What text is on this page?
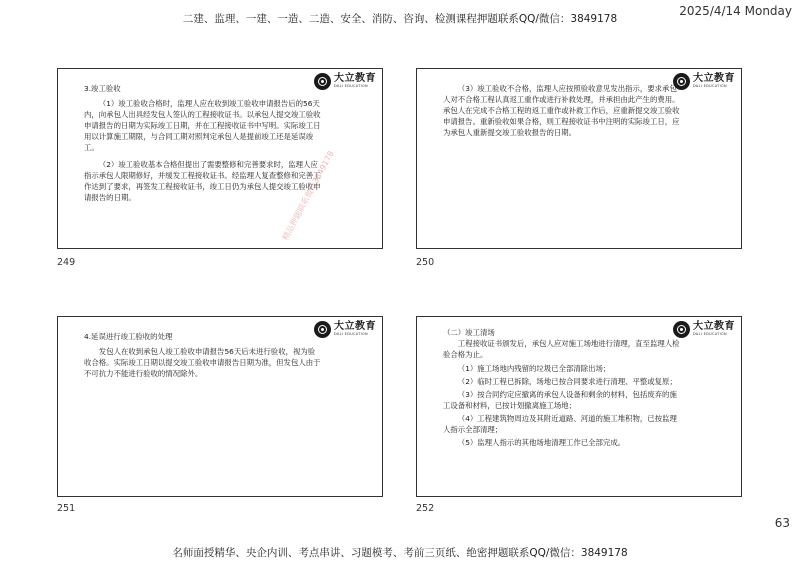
二建、监理、一建、一造、二造、安全、消防、咨询、检测课程押题联系QQ/微信：3849178
2025/4/14 Monday
大立教育
DALI EDUCATION

3.竣工验收

（1）竣工验收合格时，监理人应在收到竣工验收申请报告后的56天内，向承包人出具经发包人签认的工程接收证书。以承包人提交竣工验收申请报告的日期为实际竣工日期，并在工程接收证书中写明。实际竣工日用以计算施工期限，与合同工期对照判定承包人是提前竣工还是延误竣工。

（2）竣工验收基本合格但提出了需要整修和完善要求时，监理人应指示承包人限期修好，并缓发工程接收证书。经监理人复查整修和完善工作达到了要求，再签发工程接收证书，竣工日仍为承包人提交竣工验收申请报告的日期。	精品押题联系微信3849178
249
大立教育
DALI EDUCATION

（3）竣工验收不合格，监理人应按照验收意见发出指示，要求承包人对不合格工程认真返工重作或进行补救处理，并承担由此产生的费用。承包人在完成不合格工程的返工重作或补救工作后，应重新提交竣工验收申请报告。重新验收如果合格，则工程接收证书中注明的实际竣工日，应为承包人重新提交竣工验收报告的日期。

250
大立教育
DALI EDUCATION

4.延误进行竣工验收的处理

发包人在收到承包人竣工验收申请报告56天后未进行验收，视为验收合格。实际竣工日期以提交竣工验收申请报告日期为准，但发包人由于不可抗力不能进行验收的情况除外。

251
大立教育
DALI EDUCATION

（二）竣工清场

工程接收证书颁发后，承包人应对施工场地进行清理，直至监理人检验合格为止。

（1）施工场地内残留的垃圾已全部清除出场；

（2）临时工程已拆除，场地已按合同要求进行清理、平整或复原；

（3）按合同约定应撤离的承包人设备和剩余的材料，包括废弃的施工设备和材料，已按计划撤离施工场地；

（4）工程建筑物周边及其附近道路、河道的施工堆积物，已按监理人指示全部清理；

（5）监理人指示的其他场地清理工作已全部完成。

252
63
名师面授精华、央企内训、考点串讲、习题模考、考前三页纸、绝密押题联系QQ/微信：3849178
